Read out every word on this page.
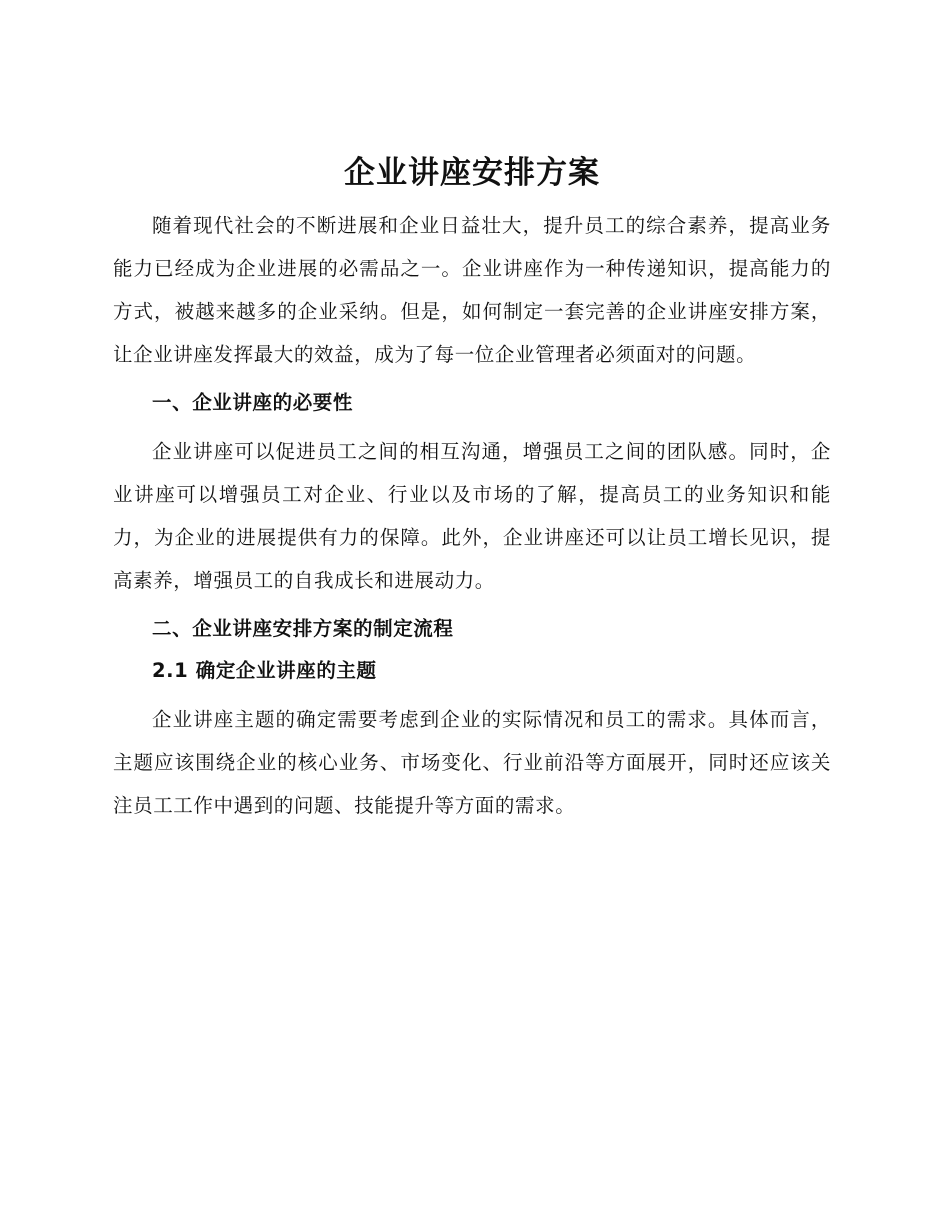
企业讲座安排方案

随着现代社会的不断进展和企业日益壮大，提升员工的综合素养，提高业务能力已经成为企业进展的必需品之一。企业讲座作为一种传递知识，提高能力的方式，被越来越多的企业采纳。但是，如何制定一套完善的企业讲座安排方案，让企业讲座发挥最大的效益，成为了每一位企业管理者必须面对的问题。

一、企业讲座的必要性

企业讲座可以促进员工之间的相互沟通，增强员工之间的团队感。同时，企业讲座可以增强员工对企业、行业以及市场的了解，提高员工的业务知识和能力，为企业的进展提供有力的保障。此外，企业讲座还可以让员工增长见识，提高素养，增强员工的自我成长和进展动力。

二、企业讲座安排方案的制定流程
2.1 确定企业讲座的主题

企业讲座主题的确定需要考虑到企业的实际情况和员工的需求。具体而言，主题应该围绕企业的核心业务、市场变化、行业前沿等方面展开，同时还应该关注员工工作中遇到的问题、技能提升等方面的需求。
